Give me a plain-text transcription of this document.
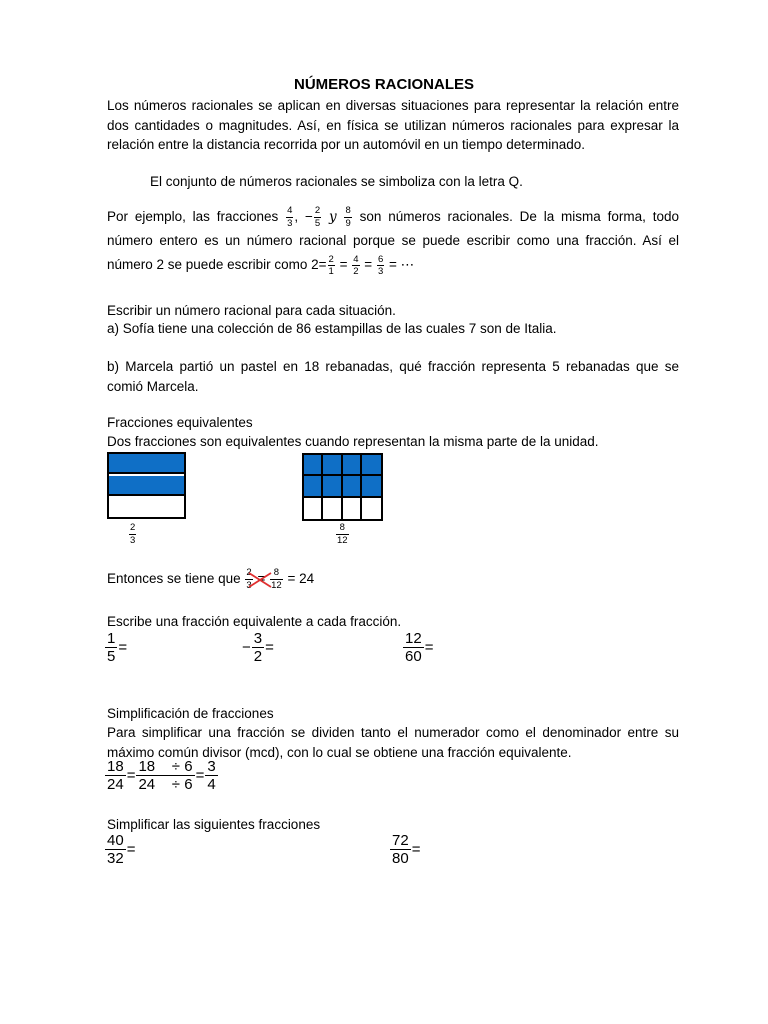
NÚMEROS RACIONALES
Los números racionales se aplican en diversas situaciones para representar la relación entre dos cantidades o magnitudes. Así, en física se utilizan números racionales para expresar la relación entre la distancia recorrida por un automóvil en un tiempo determinado.
El conjunto de números racionales se simboliza con la letra Q.
Por ejemplo, las fracciones $\frac{4}{3}$ , − $\frac{2}{5}$ y $\frac{8}{9}$ son números racionales. De la misma forma, todo número entero es un número racional porque se puede escribir como una fracción. Así el número 2 se puede escribir como $2= \frac{2}{1} = \frac{4}{2} = \frac{6}{3}$ = ⋯
Escribir un número racional para cada situación.
a) Sofía tiene una colección de 86 estampillas de las cuales 7 son de Italia.
b) Marcela partió un pastel en 18 rebanadas, qué fracción representa 5 rebanadas que se comió Marcela.
Fracciones equivalentes
Dos fracciones son equivalentes cuando representan la misma parte de la unidad.
$\frac{2}{3}$	$\frac{8}{12}$
Entonces se tiene que $\frac{2}{3}$
$\frac{8}{12} = 24$
Escribe una fracción equivalente a cada fracción.
$\frac{1}{5}$ =	− $\frac{3}{2}$ =	$\frac{12}{60}$ =
Simplificación de fracciones
Para simplificar una fracción se dividen tanto el numerador como el denominador entre su máximo común divisor (mcd), con lo cual se obtiene una fracción equivalente.
$\frac{18}{24} = \frac{18 \div 6}{24 \div 6} = \frac{3}{4}$
Simplificar las siguientes fracciones
$\frac{40}{32}$ =	$\frac{72}{80}$ =
